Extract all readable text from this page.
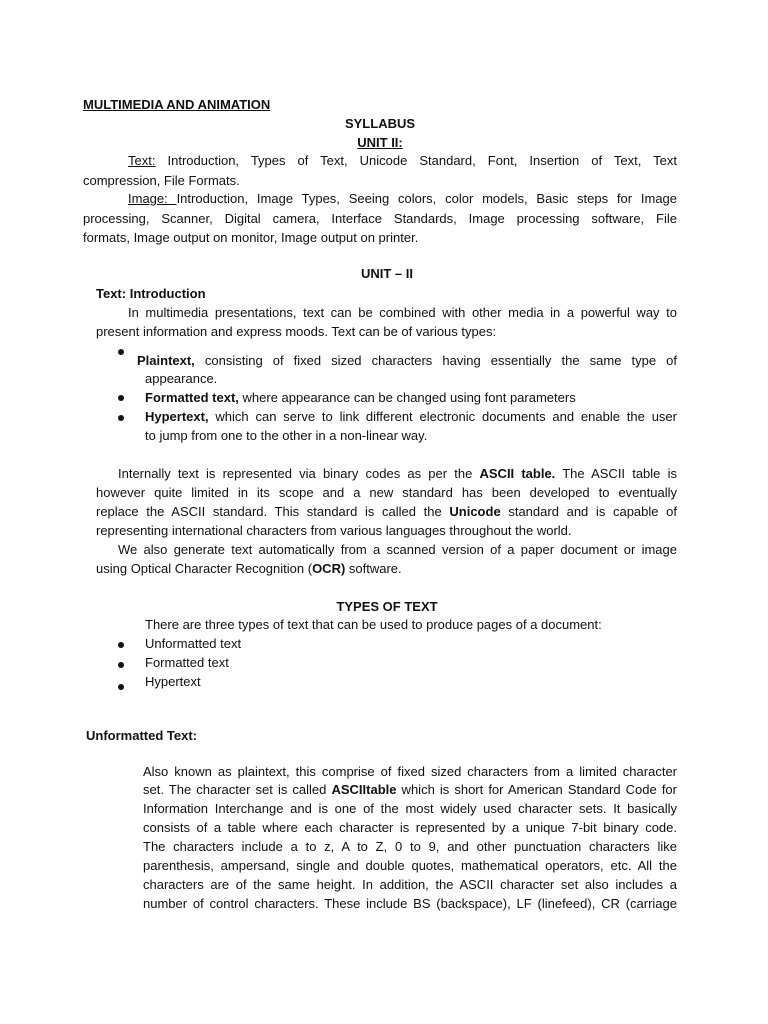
MULTIMEDIA AND ANIMATION
SYLLABUS
UNIT II:
Text: Introduction, Types of Text, Unicode Standard, Font, Insertion of Text, Text
compression, File Formats.
Image: Introduction, Image Types, Seeing colors, color models, Basic steps for Image
processing, Scanner, Digital camera, Interface Standards, Image processing software, File
formats, Image output on monitor, Image output on printer.
UNIT – II
Text: Introduction
In multimedia presentations, text can be combined with other media in a powerful way to
present information and express moods. Text can be of various types:
Plaintext, consisting of fixed sized characters having essentially the same type of
appearance.
Formatted text, where appearance can be changed using font parameters
Hypertext, which can serve to link different electronic documents and enable the user
to jump from one to the other in a non-linear way.
Internally text is represented via binary codes as per the ASCII table. The ASCII table is
however quite limited in its scope and a new standard has been developed to eventually
replace the ASCII standard. This standard is called the Unicode standard and is capable of
representing international characters from various languages throughout the world.
We also generate text automatically from a scanned version of a paper document or image
using Optical Character Recognition (OCR) software.
TYPES OF TEXT
There are three types of text that can be used to produce pages of a document:
Unformatted text
Formatted text
Hypertext
Unformatted Text:
Also known as plaintext, this comprise of fixed sized characters from a limited character
set. The character set is called ASCIItable which is short for American Standard Code for
Information Interchange and is one of the most widely used character sets. It basically
consists of a table where each character is represented by a unique 7-bit binary code.
The characters include a to z, A to Z, 0 to 9, and other punctuation characters like
parenthesis, ampersand, single and double quotes, mathematical operators, etc. All the
characters are of the same height. In addition, the ASCII character set also includes a
number of control characters. These include BS (backspace), LF (linefeed), CR (carriage
